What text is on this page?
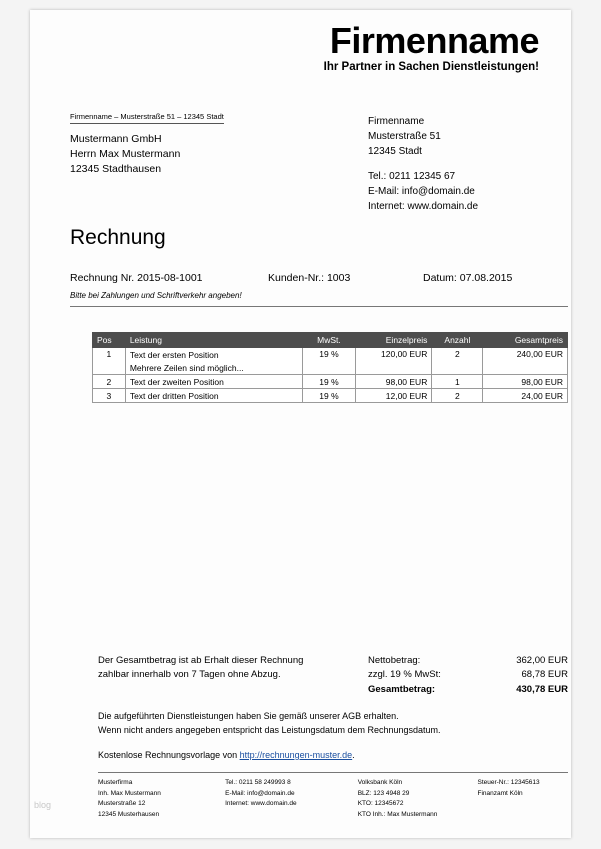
Firmenname
Ihr Partner in Sachen Dienstleistungen!
Firmenname – Musterstraße 51 – 12345 Stadt
Mustermann GmbH
Herrn Max Mustermann
12345 Stadthausen
Firmenname
Musterstraße 51
12345 Stadt
Tel.: 0211 12345 67
E-Mail: info@domain.de
Internet: www.domain.de
Rechnung
Rechnung Nr. 2015-08-1001	Kunden-Nr.: 1003	Datum: 07.08.2015
Bitte bei Zahlungen und Schriftverkehr angeben!
Pos	Leistung	MwSt.	Einzelpreis	Anzahl	Gesamtpreis
1	Text der ersten Position	19 %	120,00 EUR	2	240,00 EUR
	Mehrere Zeilen sind möglich...				
2	Text der zweiten Position	19 %	98,00 EUR	1	98,00 EUR
3	Text der dritten Position	19 %	12,00 EUR	2	24,00 EUR
Der Gesamtbetrag ist ab Erhalt dieser Rechnung
zahlbar innerhalb von 7 Tagen ohne Abzug.
Nettobetrag:	362,00 EUR
zzgl. 19 % MwSt:	68,78 EUR
Gesamtbetrag:	430,78 EUR
Die aufgeführten Dienstleistungen haben Sie gemäß unserer AGB erhalten.
Wenn nicht anders angegeben entspricht das Leistungsdatum dem Rechnungsdatum.
Kostenlose Rechnungsvorlage von http://rechnungen-muster.de.
Musterfirma
Inh. Max Mustermann
Musterstraße 12
12345 Musterhausen
Tel.: 0211 58 249993 8
E-Mail: info@domain.de
Internet: www.domain.de
Volksbank Köln
BLZ: 123 4948 29
KTO: 12345672
KTO Inh.: Max Mustermann
Steuer-Nr.: 12345613
Finanzamt Köln
blog
